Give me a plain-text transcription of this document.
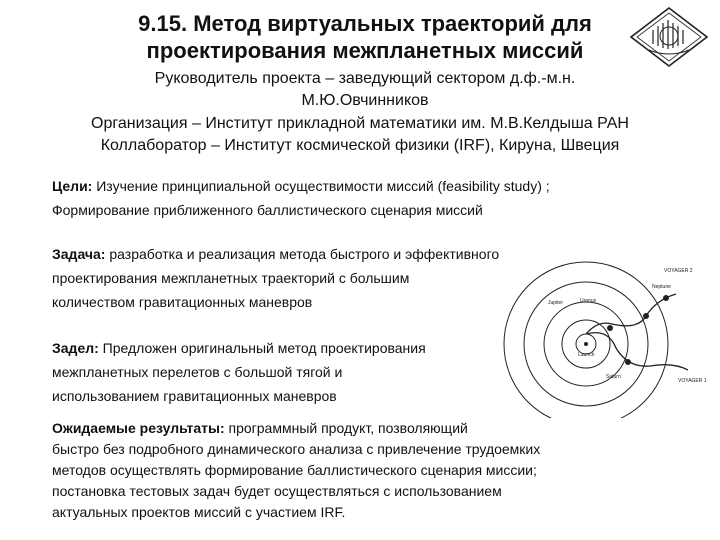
9.15. Метод виртуальных траекторий для
проектирования межпланетных миссий
Руководитель проекта – заведующий сектором д.ф.-м.н.
М.Ю.Овчинников
Организация – Институт прикладной математики им. М.В.Келдыша РАН
Коллаборатор – Институт космической физики (IRF), Кируна, Швеция
Цели: Изучение принципиальной осуществимости миссий (feasibility study) ;
Формирование приближенного баллистического сценария миссий
Задача: разработка и реализация метода быстрого и эффективного
проектирования межпланетных траекторий с большим
количеством гравитационных маневров
Задел: Предложен оригинальный метод проектирования
межпланетных перелетов с большой тягой и
использованием гравитационных маневров
Ожидаемые результаты: программный продукт, позволяющий
быстро без подробного динамического анализа с привлечение трудоемких
методов осуществлять формирование баллистического сценария миссии;
постановка тестовых задач будет осуществляться с использованием
актуальных проектов миссий с участием IRF.
VOYAGER 2
VOYAGER 1
Neptune
Uranus
Saturn
Jupiter
Launch
